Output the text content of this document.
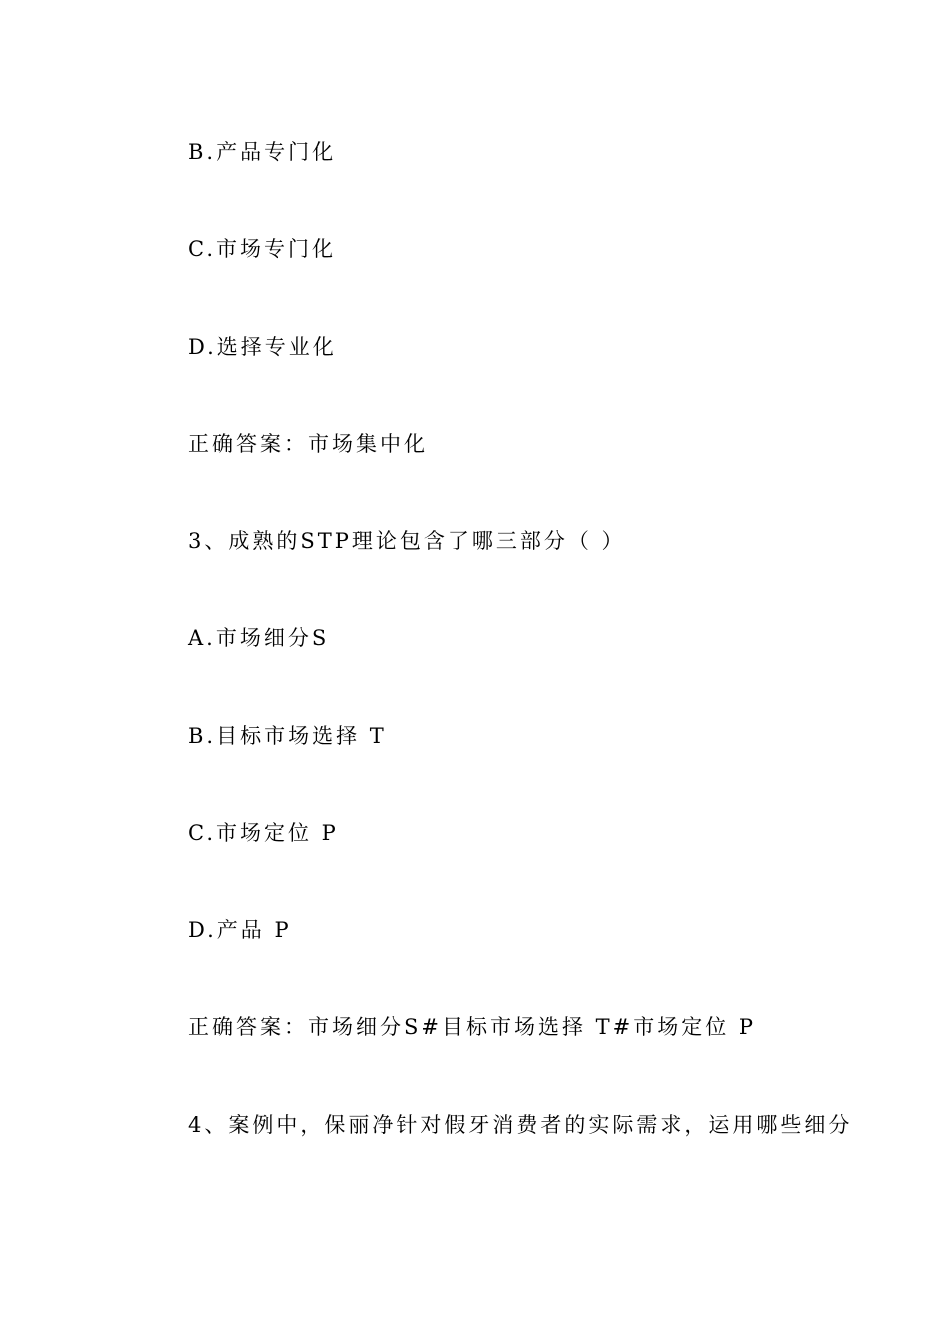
B.产品专门化
C.市场专门化
D.选择专业化
正确答案：市场集中化
3、成熟的STP理论包含了哪三部分（ ）
A.市场细分S
B.目标市场选择 T
C.市场定位 P
D.产品 P
正确答案：市场细分S#目标市场选择 T#市场定位 P
4、案例中，保丽净针对假牙消费者的实际需求，运用哪些细分
